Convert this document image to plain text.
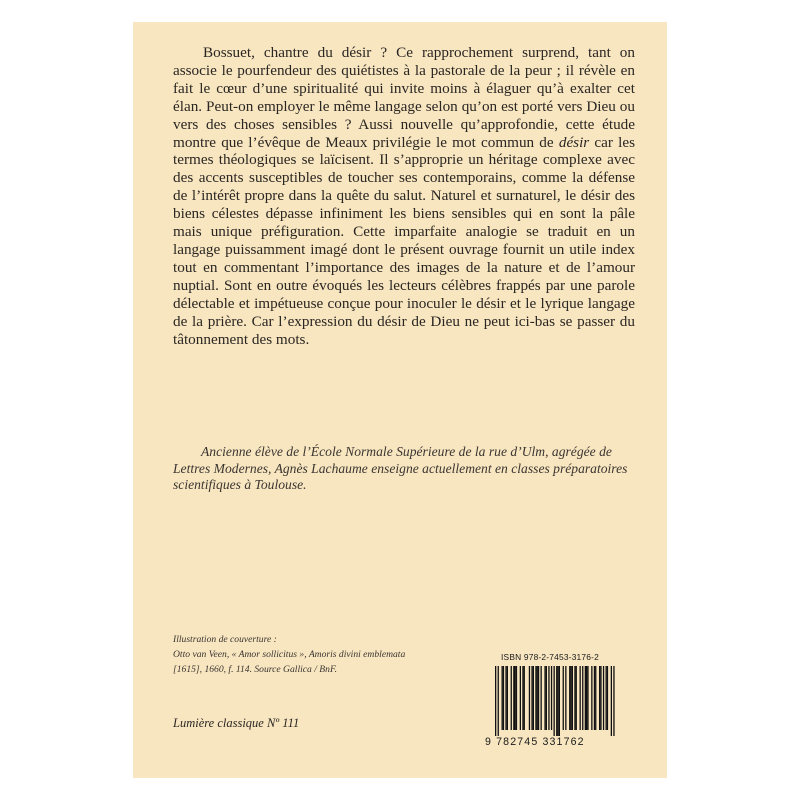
Bossuet, chantre du désir ? Ce rapprochement surprend, tant on associe le pourfendeur des quiétistes à la pastorale de la peur ; il révèle en fait le cœur d’une spiritualité qui invite moins à élaguer qu’à exalter cet élan. Peut-on employer le même langage selon qu’on est porté vers Dieu ou vers des choses sensibles ? Aussi nouvelle qu’approfondie, cette étude montre que l’évêque de Meaux privilégie le mot commun de désir car les termes théologiques se laïcisent. Il s’approprie un héritage complexe avec des accents susceptibles de toucher ses contemporains, comme la défense de l’intérêt propre dans la quête du salut. Naturel et surnaturel, le désir des biens célestes dépasse infiniment les biens sensibles qui en sont la pâle mais unique préfiguration. Cette imparfaite analogie se traduit en un langage puissamment imagé dont le présent ouvrage fournit un utile index tout en commentant l’importance des images de la nature et de l’amour nuptial. Sont en outre évoqués les lecteurs célèbres frappés par une parole délectable et impétueuse conçue pour inoculer le désir et le lyrique langage de la prière. Car l’expression du désir de Dieu ne peut ici-bas se passer du tâtonnement des mots.

Ancienne élève de l’École Normale Supérieure de la rue d’Ulm, agrégée de Lettres Modernes, Agnès Lachaume enseigne actuellement en classes préparatoires scientifiques à Toulouse.

Illustration de couverture :
Otto van Veen, « Amor sollicitus », Amoris divini emblemata
[1615], 1660, f. 114. Source Gallica / BnF.
Lumière classique Nº 111
ISBN 978-2-7453-3176-2
9 782745 331762
